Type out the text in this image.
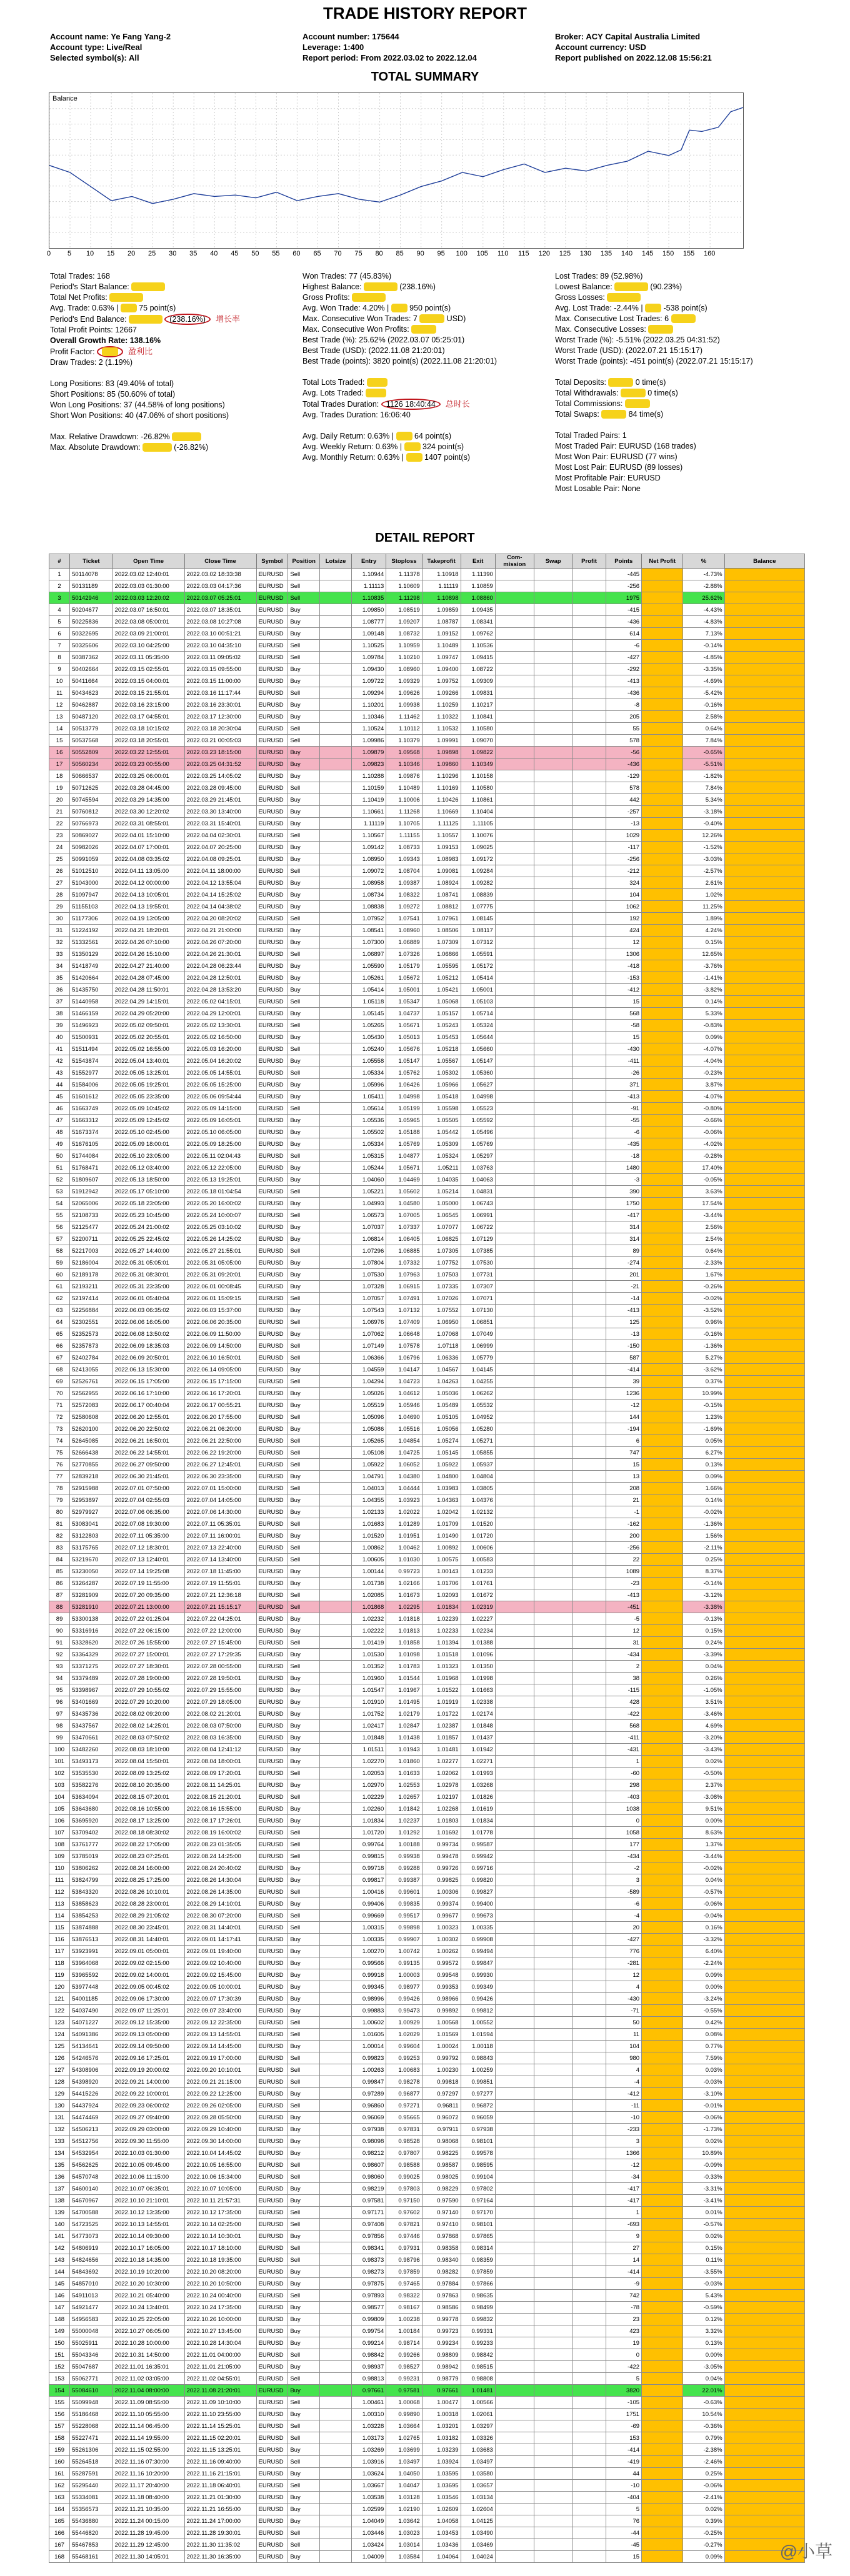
TRADE HISTORY REPORT
Account name: Ye Fang Yang-2
Account type: Live/Real
Selected symbol(s): All
Account number: 175644
Leverage: 1:400
Report period: From 2022.03.02 to 2022.12.04
Broker: ACY Capital Australia Limited
Account currency: USD
Report published on 2022.12.08 15:56:21
TOTAL SUMMARY
Balance
0 5 10 15 20 25 30 35 40 45 50 55 60 65 70 75 80 85 90 95 100 105 110 115 120 125 130 135 140 145 150 155 160
Total Trades: 168
Period's Start Balance: 000000
Total Net Profits: 000000
Avg. Trade: 0.63% | 00 75 point(s)
Period's End Balance: 000000 (238.16%) 增长率
Total Profit Points: 12667
Overall Growth Rate: 138.16%
Profit Factor: 00 盈利比
Draw Trades: 2 (1.19%)

Long Positions: 83 (49.40% of total)
Short Positions: 85 (50.60% of total)
Won Long Positions: 37 (44.58% of long positions)
Short Won Positions: 40 (47.06% of short positions)

Max. Relative Drawdown: -26.82% 00000
Max. Absolute Drawdown: 00000 (-26.82%)
Won Trades: 77 (45.83%)
Highest Balance: 000000 (238.16%)
Gross Profits: 000000
Avg. Won Trade: 4.20% | 00 950 point(s)
Max. Consecutive Won Trades: 7 0000 USD)
Max. Consecutive Won Profits: 0000
Best Trade (%): 25.62% (2022.03.07 05:25:01)
Best Trade (USD): (2022.11.08 21:20:01)
Best Trade (points): 3820 point(s) (2022.11.08 21:20:01)

Total Lots Traded: 000
Avg. Lots Traded: 000
Total Trades Duration: 1126 18:40:44 总时长
Avg. Trades Duration: 16:06:40

Avg. Daily Return: 0.63% | 00 64 point(s)
Avg. Weekly Return: 0.63% | 00 324 point(s)
Avg. Monthly Return: 0.63% | 00 1407 point(s)
Lost Trades: 89 (52.98%)
Lowest Balance: 000000 (90.23%)
Gross Losses: 000000
Avg. Lost Trade: -2.44% | 00 -538 point(s)
Max. Consecutive Lost Trades: 6 0000
Max. Consecutive Losses: 0000
Worst Trade (%): -5.51% (2022.03.25 04:31:52)
Worst Trade (USD): (2022.07.21 15:15:17)
Worst Trade (points): -451 point(s) (2022.07.21 15:15:17)

Total Deposits: 0000 0 time(s)
Total Withdrawals: 0000 0 time(s)
Total Commissions: 0000
Total Swaps: 0000 84 time(s)

Total Traded Pairs: 1
Most Traded Pair: EURUSD (168 trades)
Most Won Pair: EURUSD (77 wins)
Most Lost Pair: EURUSD (89 losses)
Most Profitable Pair: EURUSD
Most Losable Pair: None
DETAIL REPORT
#	Ticket	Open Time	Close Time	Symbol	Position	Lotsize	Entry	Stoploss	Takeprofit	Exit	Com-mission	Swap	Profit	Points	Net Profit	%	Balance
1	50114078	2022.03.02 12:40:01	2022.03.02 18:33:38	EURUSD	Sell		1.10944	1.11378	1.10918	1.11390				-445		-4.73%	
2	50131189	2022.03.03 01:30:00	2022.03.03 04:17:36	EURUSD	Sell		1.11113	1.10609	1.11119	1.10859				-256		-2.88%	
3	50142946	2022.03.03 12:20:02	2022.03.07 05:25:01	EURUSD	Sell		1.10835	1.11298	1.10898	1.08860				1975		25.62%	
4	50204677	2022.03.07 16:50:01	2022.03.07 18:35:01	EURUSD	Buy		1.09850	1.08519	1.09859	1.09435				-415		-4.43%	
5	50225836	2022.03.08 05:00:01	2022.03.08 10:27:08	EURUSD	Buy		1.08777	1.09207	1.08787	1.08341				-436		-4.83%	
6	50322695	2022.03.09 21:00:01	2022.03.10 00:51:21	EURUSD	Buy		1.09148	1.08732	1.09152	1.09762				614		7.13%	
7	50325606	2022.03.10 04:25:00	2022.03.10 04:35:10	EURUSD	Sell		1.10525	1.10959	1.10489	1.10536				-6		-0.14%	
8	50387362	2022.03.11 05:35:00	2022.03.11 09:05:02	EURUSD	Sell		1.09784	1.10210	1.09747	1.09415				-427		-4.85%	
9	50402664	2022.03.15 02:55:01	2022.03.15 09:55:00	EURUSD	Buy		1.09430	1.08960	1.09400	1.08722				-292		-3.35%	
10	50411664	2022.03.15 04:00:01	2022.03.15 11:00:00	EURUSD	Buy		1.09722	1.09329	1.09752	1.09309				-413		-4.69%	
11	50434623	2022.03.15 21:55:01	2022.03.16 11:17:44	EURUSD	Sell		1.09294	1.09626	1.09266	1.09831				-436		-5.42%	
12	50462887	2022.03.16 23:15:00	2022.03.16 23:30:01	EURUSD	Buy		1.10201	1.09938	1.10259	1.10217				-8		-0.16%	
13	50487120	2022.03.17 04:55:01	2022.03.17 12:30:00	EURUSD	Buy		1.10346	1.11462	1.10322	1.10841				205		2.58%	
14	50513779	2022.03.18 10:15:02	2022.03.18 20:30:04	EURUSD	Sell		1.10524	1.10112	1.10532	1.10580				55		0.64%	
15	50537568	2022.03.18 20:55:01	2022.03.21 00:05:03	EURUSD	Sell		1.09986	1.10379	1.09991	1.09070				578		7.84%	
16	50552809	2022.03.22 12:55:01	2022.03.23 18:15:00	EURUSD	Buy		1.09879	1.09568	1.09898	1.09822				-56		-0.65%	
17	50560234	2022.03.23 00:55:00	2022.03.25 04:31:52	EURUSD	Buy		1.09823	1.10346	1.09860	1.10349				-436		-5.51%	
18	50666537	2022.03.25 06:00:01	2022.03.25 14:05:02	EURUSD	Buy		1.10288	1.09876	1.10296	1.10158				-129		-1.82%	
19	50712625	2022.03.28 04:45:00	2022.03.28 09:45:00	EURUSD	Sell		1.10159	1.10489	1.10169	1.10580				578		7.84%	
20	50745594	2022.03.29 14:35:00	2022.03.29 21:45:01	EURUSD	Buy		1.10419	1.10006	1.10426	1.10861				442		5.34%	
21	50760812	2022.03.30 12:20:02	2022.03.30 13:40:00	EURUSD	Buy		1.10661	1.11268	1.10669	1.10404				-257		-3.18%	
22	50766973	2022.03.31 08:55:01	2022.03.31 15:40:01	EURUSD	Buy		1.11119	1.10705	1.11125	1.11105				-13		-0.40%	
23	50869027	2022.04.01 15:10:00	2022.04.04 02:30:01	EURUSD	Sell		1.10567	1.11155	1.10557	1.10076				1029		12.26%	
24	50982026	2022.04.07 17:00:01	2022.04.07 20:25:00	EURUSD	Buy		1.09142	1.08733	1.09153	1.09025				-117		-1.52%	
25	50991059	2022.04.08 03:35:02	2022.04.08 09:25:01	EURUSD	Buy		1.08950	1.09343	1.08983	1.09172				-256		-3.03%	
26	51012510	2022.04.11 13:05:00	2022.04.11 18:00:00	EURUSD	Sell		1.09072	1.08704	1.09081	1.09284				-212		-2.57%	
27	51043000	2022.04.12 00:00:00	2022.04.12 13:55:04	EURUSD	Buy		1.08958	1.09387	1.08924	1.09282				324		2.61%	
28	51097947	2022.04.13 10:05:01	2022.04.14 15:25:02	EURUSD	Buy		1.08734	1.08322	1.08741	1.08839				104		1.02%	
29	51155103	2022.04.13 19:55:01	2022.04.14 04:38:02	EURUSD	Buy		1.08838	1.09272	1.08812	1.07775				1062		11.25%	
30	51177306	2022.04.19 13:05:00	2022.04.20 08:20:02	EURUSD	Sell		1.07952	1.07541	1.07961	1.08145				192		1.89%	
31	51224192	2022.04.21 18:20:01	2022.04.21 21:00:00	EURUSD	Buy		1.08541	1.08960	1.08506	1.08117				424		4.24%	
32	51332561	2022.04.26 07:10:00	2022.04.26 07:20:00	EURUSD	Buy		1.07300	1.06889	1.07309	1.07312				12		0.15%	
33	51350129	2022.04.26 15:10:00	2022.04.26 21:30:01	EURUSD	Sell		1.06897	1.07326	1.06866	1.05591				1306		12.65%	
34	51418749	2022.04.27 21:40:00	2022.04.28 06:23:44	EURUSD	Buy		1.05590	1.05179	1.05595	1.05172				-418		-3.76%	
35	51420664	2022.04.28 07:45:00	2022.04.28 12:50:01	EURUSD	Buy		1.05261	1.05672	1.05212	1.05414				-153		-1.41%	
36	51435750	2022.04.28 11:50:01	2022.04.28 13:53:20	EURUSD	Buy		1.05414	1.05001	1.05421	1.05001				-412		-3.82%	
37	51440958	2022.04.29 14:15:01	2022.05.02 04:15:01	EURUSD	Sell		1.05118	1.05347	1.05068	1.05103				15		0.14%	
38	51466159	2022.04.29 05:20:00	2022.04.29 12:00:01	EURUSD	Buy		1.05145	1.04737	1.05157	1.05714				568		5.33%	
39	51496923	2022.05.02 09:50:01	2022.05.02 13:30:01	EURUSD	Sell		1.05265	1.05671	1.05243	1.05324				-58		-0.83%	
40	51500931	2022.05.02 20:55:01	2022.05.02 16:50:00	EURUSD	Buy		1.05430	1.05013	1.05453	1.05644				15		0.09%	
41	51511494	2022.05.02 16:55:00	2022.05.03 16:20:00	EURUSD	Sell		1.05240	1.05676	1.05218	1.05660				-430		-4.07%	
42	51543874	2022.05.04 13:40:01	2022.05.04 16:20:02	EURUSD	Buy		1.05558	1.05147	1.05567	1.05147				-411		-4.04%	
43	51552977	2022.05.05 13:25:01	2022.05.05 14:55:01	EURUSD	Sell		1.05334	1.05762	1.05302	1.05360				-26		-0.23%	
44	51584006	2022.05.05 19:25:01	2022.05.05 15:25:00	EURUSD	Buy		1.05996	1.06426	1.05966	1.05627				371		3.87%	
45	51601612	2022.05.05 23:35:00	2022.05.06 09:54:44	EURUSD	Buy		1.05411	1.04998	1.05418	1.04998				-413		-4.07%	
46	51663749	2022.05.09 10:45:02	2022.05.09 14:15:00	EURUSD	Sell		1.05614	1.05199	1.05598	1.05523				-91		-0.80%	
47	51663312	2022.05.09 12:45:02	2022.05.09 16:05:01	EURUSD	Buy		1.05536	1.05965	1.05505	1.05592				-55		-0.66%	
48	51673374	2022.05.10 02:45:00	2022.05.10 06:05:00	EURUSD	Buy		1.05502	1.05188	1.05442	1.05496				-6		-0.06%	
49	51676105	2022.05.09 18:00:01	2022.05.09 18:25:00	EURUSD	Buy		1.05334	1.05769	1.05309	1.05769				-435		-4.02%	
50	51744084	2022.05.10 23:05:00	2022.05.11 02:04:43	EURUSD	Sell		1.05315	1.04877	1.05324	1.05297				-18		-0.28%	
51	51768471	2022.05.12 03:40:00	2022.05.12 22:05:00	EURUSD	Buy		1.05244	1.05671	1.05211	1.03763				1480		17.40%	
52	51809607	2022.05.13 18:50:00	2022.05.13 19:25:01	EURUSD	Buy		1.04060	1.04469	1.04035	1.04063				-3		-0.05%	
53	51912942	2022.05.17 05:10:00	2022.05.18 01:04:54	EURUSD	Sell		1.05221	1.05602	1.05214	1.04831				390		3.63%	
54	52065006	2022.05.18 23:05:00	2022.05.20 16:00:02	EURUSD	Buy		1.04993	1.04580	1.05000	1.06743				1750		17.54%	
55	52108733	2022.05.23 10:45:00	2022.05.24 10:00:07	EURUSD	Sell		1.06573	1.07005	1.06545	1.06991				-417		-3.44%	
56	52125477	2022.05.24 21:00:02	2022.05.25 03:10:02	EURUSD	Buy		1.07037	1.07337	1.07077	1.06722				314		2.56%	
57	52200711	2022.05.25 22:45:02	2022.05.26 14:25:02	EURUSD	Buy		1.06814	1.06405	1.06825	1.07129				314		2.54%	
58	52217003	2022.05.27 14:40:00	2022.05.27 21:55:01	EURUSD	Sell		1.07296	1.06885	1.07305	1.07385				89		0.64%	
59	52186004	2022.05.31 05:05:01	2022.05.31 05:05:00	EURUSD	Buy		1.07804	1.07332	1.07752	1.07530				-274		-2.33%	
60	52189178	2022.05.31 08:30:01	2022.05.31 09:20:01	EURUSD	Buy		1.07530	1.07963	1.07503	1.07731				201		1.67%	
61	52193211	2022.05.31 23:35:00	2022.06.01 00:08:45	EURUSD	Buy		1.07328	1.06915	1.07335	1.07307				-21		-0.26%	
62	52197414	2022.06.01 05:40:04	2022.06.01 15:09:15	EURUSD	Sell		1.07057	1.07491	1.07026	1.07071				-14		-0.02%	
63	52256884	2022.06.03 06:35:02	2022.06.03 15:37:00	EURUSD	Buy		1.07543	1.07132	1.07552	1.07130				-413		-3.52%	
64	52302551	2022.06.06 16:05:00	2022.06.06 20:35:00	EURUSD	Sell		1.06976	1.07409	1.06950	1.06851				125		0.96%	
65	52352573	2022.06.08 13:50:02	2022.06.09 11:50:00	EURUSD	Buy		1.07062	1.06648	1.07068	1.07049				-13		-0.16%	
66	52357873	2022.06.09 18:35:03	2022.06.09 14:50:00	EURUSD	Sell		1.07149	1.07578	1.07118	1.06999				-150		-1.36%	
67	52402784	2022.06.09 20:50:01	2022.06.10 16:50:01	EURUSD	Sell		1.06366	1.06796	1.06336	1.05779				587		5.27%	
68	52413055	2022.06.13 15:30:00	2022.06.14 09:05:00	EURUSD	Buy		1.04559	1.04147	1.04567	1.04145				-414		-3.62%	
69	52526761	2022.06.15 17:05:00	2022.06.15 17:15:00	EURUSD	Sell		1.04294	1.04723	1.04263	1.04255				39		0.37%	
70	52562955	2022.06.16 17:10:00	2022.06.16 17:20:01	EURUSD	Buy		1.05026	1.04612	1.05036	1.06262				1236		10.99%	
71	52572083	2022.06.17 00:40:04	2022.06.17 00:55:21	EURUSD	Buy		1.05519	1.05946	1.05489	1.05532				-12		-0.15%	
72	52580608	2022.06.20 12:55:01	2022.06.20 17:55:00	EURUSD	Sell		1.05096	1.04690	1.05105	1.04952				144		1.23%	
73	52620100	2022.06.20 22:50:02	2022.06.21 06:20:00	EURUSD	Buy		1.05086	1.05516	1.05056	1.05280				-194		-1.69%	
74	52645085	2022.06.21 16:50:01	2022.06.21 22:50:00	EURUSD	Sell		1.05265	1.04854	1.05274	1.05271				6		0.05%	
75	52666438	2022.06.22 14:55:01	2022.06.22 19:20:00	EURUSD	Sell		1.05108	1.04725	1.05145	1.05855				747		6.27%	
76	52770855	2022.06.27 09:50:00	2022.06.27 12:45:01	EURUSD	Sell		1.05922	1.06052	1.05922	1.05937				15		0.13%	
77	52839218	2022.06.30 21:45:01	2022.06.30 23:35:00	EURUSD	Buy		1.04791	1.04380	1.04800	1.04804				13		0.09%	
78	52915988	2022.07.01 07:50:00	2022.07.01 15:00:00	EURUSD	Sell		1.04013	1.04444	1.03983	1.03805				208		1.66%	
79	52953897	2022.07.04 02:55:03	2022.07.04 14:05:00	EURUSD	Buy		1.04355	1.03923	1.04363	1.04376				21		0.14%	
80	52979927	2022.07.06 06:35:00	2022.07.06 14:30:00	EURUSD	Buy		1.02133	1.02022	1.02042	1.02132				-1		-0.02%	
81	53083041	2022.07.08 19:30:00	2022.07.11 05:35:01	EURUSD	Sell		1.01683	1.01289	1.01709	1.01520				-162		-1.36%	
82	53122803	2022.07.11 05:35:00	2022.07.11 16:00:01	EURUSD	Buy		1.01520	1.01951	1.01490	1.01720				200		1.56%	
83	53175765	2022.07.12 18:30:01	2022.07.13 22:40:00	EURUSD	Sell		1.00862	1.00462	1.00892	1.00606				-256		-2.11%	
84	53219670	2022.07.13 12:40:01	2022.07.14 13:40:00	EURUSD	Sell		1.00605	1.01030	1.00575	1.00583				22		0.25%	
85	53230050	2022.07.14 19:25:08	2022.07.18 11:45:00	EURUSD	Buy		1.00144	0.99723	1.00143	1.01233				1089		8.37%	
86	53264287	2022.07.19 11:55:00	2022.07.19 11:55:01	EURUSD	Buy		1.01738	1.02166	1.01706	1.01761				-23		-0.14%	
87	53281909	2022.07.20 09:35:00	2022.07.21 12:36:18	EURUSD	Sell		1.02085	1.01673	1.02093	1.01672				-413		-3.12%	
88	53281910	2022.07.21 13:00:00	2022.07.21 15:15:17	EURUSD	Sell		1.01868	1.02295	1.01834	1.02319				-451		-3.38%	
89	53300138	2022.07.22 01:25:04	2022.07.22 04:25:01	EURUSD	Buy		1.02232	1.01818	1.02239	1.02227				-5		-0.13%	
90	53316916	2022.07.22 06:15:00	2022.07.22 12:00:00	EURUSD	Buy		1.02222	1.01813	1.02233	1.02234				12		0.15%	
91	53328620	2022.07.26 15:55:00	2022.07.27 15:45:00	EURUSD	Sell		1.01419	1.01858	1.01394	1.01388				31		0.24%	
92	53364329	2022.07.27 15:00:01	2022.07.27 17:29:35	EURUSD	Buy		1.01530	1.01098	1.01518	1.01096				-434		-3.39%	
93	53371275	2022.07.27 18:30:01	2022.07.28 00:55:00	EURUSD	Sell		1.01352	1.01783	1.01323	1.01350				2		0.04%	
94	53379489	2022.07.28 19:00:00	2022.07.28 19:50:01	EURUSD	Buy		1.01960	1.01544	1.01968	1.01998				38		0.26%	
95	53398967	2022.07.29 10:55:02	2022.07.29 15:55:00	EURUSD	Buy		1.01547	1.01967	1.01522	1.01663				-115		-1.05%	
96	53401669	2022.07.29 10:20:00	2022.07.29 18:05:00	EURUSD	Buy		1.01910	1.01495	1.01919	1.02338				428		3.51%	
97	53435736	2022.08.02 09:20:00	2022.08.02 21:20:01	EURUSD	Buy		1.01752	1.02179	1.01722	1.02174				-422		-3.46%	
98	53437567	2022.08.02 14:25:01	2022.08.03 07:50:00	EURUSD	Buy		1.02417	1.02847	1.02387	1.01848				568		4.69%	
99	53470661	2022.08.03 07:50:02	2022.08.03 16:35:00	EURUSD	Buy		1.01848	1.01438	1.01857	1.01437				-411		-3.20%	
100	53482260	2022.08.03 18:10:00	2022.08.04 12:41:12	EURUSD	Buy		1.01511	1.01943	1.01481	1.01942				-431		-3.43%	
101	53493173	2022.08.04 15:50:01	2022.08.04 18:00:01	EURUSD	Buy		1.02270	1.01860	1.02277	1.02271				1		0.02%	
102	53535530	2022.08.09 13:25:02	2022.08.09 17:20:01	EURUSD	Sell		1.02053	1.01633	1.02062	1.01993				-60		-0.50%	
103	53582276	2022.08.10 20:35:00	2022.08.11 14:25:01	EURUSD	Buy		1.02970	1.02553	1.02978	1.03268				298		2.37%	
104	53634094	2022.08.15 07:20:01	2022.08.15 21:20:01	EURUSD	Sell		1.02229	1.02657	1.02197	1.01826				-403		-3.08%	
105	53643680	2022.08.16 10:55:00	2022.08.16 15:55:00	EURUSD	Buy		1.02260	1.01842	1.02268	1.01619				1038		9.51%	
106	53695920	2022.08.17 13:25:00	2022.08.17 17:26:01	EURUSD	Buy		1.01834	1.02237	1.01803	1.01834				0		0.00%	
107	53709402	2022.08.18 08:30:02	2022.08.19 16:00:02	EURUSD	Sell		1.01720	1.01292	1.01692	1.01778				1058		8.63%	
108	53761777	2022.08.22 17:05:00	2022.08.23 01:35:05	EURUSD	Sell		0.99764	1.00188	0.99734	0.99587				177		1.37%	
109	53785019	2022.08.23 07:25:01	2022.08.24 14:25:00	EURUSD	Sell		0.99815	0.99938	0.99478	0.99942				-434		-3.44%	
110	53806262	2022.08.24 16:00:00	2022.08.24 20:40:02	EURUSD	Buy		0.99718	0.99288	0.99726	0.99716				-2		-0.02%	
111	53824799	2022.08.25 17:25:00	2022.08.26 14:30:04	EURUSD	Buy		0.99817	0.99387	0.99825	0.99820				3		0.04%	
112	53843320	2022.08.26 10:10:01	2022.08.26 14:35:00	EURUSD	Sell		1.00416	0.99601	1.00306	0.99827				-589		-0.57%	
113	53858623	2022.08.28 23:00:01	2022.08.29 14:10:01	EURUSD	Buy		0.99406	0.99835	0.99374	0.99400				-6		-0.06%	
114	53854253	2022.08.29 21:05:02	2022.08.30 07:20:00	EURUSD	Sell		0.99669	0.99517	0.99677	0.99673				-4		-0.04%	
115	53874888	2022.08.30 23:45:01	2022.08.31 14:40:01	EURUSD	Sell		1.00315	0.99898	1.00323	1.00335				20		0.16%	
116	53876513	2022.08.31 14:40:01	2022.09.01 14:17:41	EURUSD	Buy		1.00335	0.99907	1.00302	0.99908				-427		-3.32%	
117	53923991	2022.09.01 05:00:01	2022.09.01 19:40:00	EURUSD	Buy		1.00270	1.00742	1.00262	0.99494				776		6.40%	
118	53964068	2022.09.02 02:15:00	2022.09.02 10:40:00	EURUSD	Buy		0.99566	0.99135	0.99572	0.99847				-281		-2.24%	
119	53965592	2022.09.02 14:00:01	2022.09.02 15:45:00	EURUSD	Buy		0.99918	1.00003	0.99548	0.99930				12		0.09%	
120	53977448	2022.09.05 00:45:02	2022.09.05 10:00:01	EURUSD	Buy		0.99345	0.98977	0.99353	0.99349				4		0.00%	
121	54001185	2022.09.06 17:30:00	2022.09.07 17:30:39	EURUSD	Buy		0.98996	0.99426	0.98966	0.99426				-430		-3.24%	
122	54037490	2022.09.07 11:25:01	2022.09.07 23:40:00	EURUSD	Buy		0.99883	0.99473	0.99892	0.99812				-71		-0.55%	
123	54071227	2022.09.12 15:35:00	2022.09.12 22:35:00	EURUSD	Sell		1.00602	1.00929	1.00568	1.00552				50		0.42%	
124	54091386	2022.09.13 05:00:00	2022.09.13 14:55:01	EURUSD	Sell		1.01605	1.02029	1.01569	1.01594				11		0.08%	
125	54134641	2022.09.14 09:50:00	2022.09.14 14:45:00	EURUSD	Buy		1.00014	0.99604	1.00024	1.00118				104		0.77%	
126	54246576	2022.09.16 17:25:01	2022.09.19 17:00:00	EURUSD	Sell		0.99823	0.99253	0.99792	0.98843				980		7.59%	
127	54308906	2022.09.19 20:00:02	2022.09.20 10:10:01	EURUSD	Sell		1.00263	1.00683	1.00230	1.00259				4		0.03%	
128	54398920	2022.09.21 14:00:00	2022.09.21 21:15:00	EURUSD	Sell		0.99847	0.98278	0.99818	0.99851				-4		-0.03%	
129	54415226	2022.09.22 10:00:01	2022.09.22 12:25:00	EURUSD	Buy		0.97289	0.96877	0.97297	0.97277				-412		-3.10%	
130	54437924	2022.09.23 06:00:02	2022.09.26 02:05:00	EURUSD	Sell		0.96860	0.97271	0.96811	0.96872				-11		-0.01%	
131	54474469	2022.09.27 09:40:00	2022.09.28 05:50:00	EURUSD	Buy		0.96069	0.95665	0.96072	0.96059				-10		-0.06%	
132	54506213	2022.09.29 03:00:00	2022.09.29 10:40:00	EURUSD	Buy		0.97938	0.97831	0.97911	0.97938				-233		-1.73%	
133	54512756	2022.09.30 11:55:00	2022.09.30 14:00:00	EURUSD	Buy		0.98098	0.98528	0.98068	0.98101				3		0.02%	
134	54532954	2022.10.03 01:30:00	2022.10.04 14:45:02	EURUSD	Buy		0.98212	0.97807	0.98225	0.99578				1366		10.89%	
135	54562625	2022.10.05 09:45:00	2022.10.05 16:55:00	EURUSD	Sell		0.98607	0.98588	0.98587	0.98595				-12		-0.09%	
136	54570748	2022.10.06 11:15:00	2022.10.06 15:34:00	EURUSD	Sell		0.98060	0.99025	0.98025	0.99104				-34		-0.33%	
137	54600140	2022.10.07 06:35:01	2022.10.07 10:05:00	EURUSD	Buy		0.98219	0.97803	0.98229	0.97802				-417		-3.31%	
138	54670967	2022.10.10 21:10:01	2022.10.11 21:57:31	EURUSD	Buy		0.97581	0.97150	0.97590	0.97164				-417		-3.41%	
139	54700588	2022.10.12 13:35:00	2022.10.12 17:35:00	EURUSD	Sell		0.97171	0.97602	0.97140	0.97170				1		0.01%	
140	54723525	2022.10.13 14:55:01	2022.10.14 02:25:00	EURUSD	Sell		0.97408	0.97821	0.97410	0.98101				-693		-0.57%	
141	54773073	2022.10.14 09:30:00	2022.10.14 10:30:01	EURUSD	Buy		0.97856	0.97446	0.97868	0.97865				9		0.02%	
142	54806919	2022.10.17 16:05:00	2022.10.17 18:10:00	EURUSD	Sell		0.98341	0.97931	0.98358	0.98314				27		0.15%	
143	54824656	2022.10.18 14:35:00	2022.10.18 19:35:00	EURUSD	Sell		0.98373	0.98796	0.98340	0.98359				14		0.11%	
144	54843692	2022.10.19 10:20:00	2022.10.20 08:20:00	EURUSD	Buy		0.98273	0.97859	0.98282	0.97859				-414		-3.55%	
145	54857010	2022.10.20 10:30:00	2022.10.20 10:50:00	EURUSD	Buy		0.97875	0.97465	0.97884	0.97866				-9		-0.03%	
146	54911013	2022.10.21 05:40:00	2022.10.24 00:40:00	EURUSD	Sell		0.97893	0.98322	0.97863	0.98635				742		5.43%	
147	54921477	2022.10.24 13:40:01	2022.10.24 17:35:00	EURUSD	Buy		0.98577	0.98167	0.98586	0.98499				-78		-0.59%	
148	54956583	2022.10.25 22:05:00	2022.10.26 10:00:00	EURUSD	Buy		0.99809	1.00238	0.99778	0.99832				23		0.12%	
149	55000048	2022.10.27 06:05:00	2022.10.27 13:45:00	EURUSD	Buy		0.99754	1.00184	0.99723	0.99331				423		3.32%	
150	55025911	2022.10.28 10:00:00	2022.10.28 14:30:04	EURUSD	Buy		0.99214	0.98714	0.99234	0.99233				19		0.13%	
151	55043346	2022.10.31 14:50:00	2022.11.01 04:00:00	EURUSD	Sell		0.98842	0.99266	0.98809	0.98842				0		0.00%	
152	55047687	2022.11.01 16:35:01	2022.11.01 21:05:00	EURUSD	Buy		0.98937	0.98527	0.98942	0.98515				-422		-3.05%	
153	55062771	2022.11.02 03:05:00	2022.11.02 04:55:01	EURUSD	Sell		0.98813	0.99231	0.98779	0.98808				5		0.04%	
154	55084610	2022.11.04 08:00:00	2022.11.08 21:20:01	EURUSD	Buy		0.97661	0.97581	0.97661	1.01481				3820		22.01%	
155	55099948	2022.11.09 08:55:00	2022.11.09 10:10:00	EURUSD	Sell		1.00461	1.00068	1.00477	1.00566				-105		-0.63%	
156	55186468	2022.11.10 05:55:00	2022.11.10 23:55:00	EURUSD	Buy		1.00310	0.99890	1.00318	1.02061				1751		10.54%	
157	55228068	2022.11.14 06:45:00	2022.11.14 15:25:01	EURUSD	Sell		1.03228	1.03664	1.03201	1.03297				-69		-0.36%	
158	55227471	2022.11.14 19:55:00	2022.11.15 02:20:01	EURUSD	Sell		1.03173	1.02765	1.03182	1.03326				153		0.79%	
159	55261306	2022.11.15 02:55:00	2022.11.15 13:25:01	EURUSD	Buy		1.03269	1.03699	1.03239	1.03683				-414		-2.38%	
160	55264518	2022.11.16 07:30:00	2022.11.16 09:40:00	EURUSD	Sell		1.03916	1.03497	1.03924	1.03497				-419		-2.46%	
161	55287591	2022.11.16 10:20:00	2022.11.16 21:15:01	EURUSD	Buy		1.03624	1.04050	1.03595	1.03580				44		0.25%	
162	55295440	2022.11.17 20:40:00	2022.11.18 06:40:01	EURUSD	Sell		1.03667	1.04047	1.03695	1.03657				-10		-0.06%	
163	55334081	2022.11.18 08:40:00	2022.11.21 01:30:00	EURUSD	Buy		1.03538	1.03128	1.03546	1.03134				-404		-2.41%	
164	55356573	2022.11.21 10:35:00	2022.11.21 16:55:00	EURUSD	Buy		1.02599	1.02190	1.02609	1.02604				5		0.02%	
165	55436880	2022.11.24 00:15:00	2022.11.24 17:00:00	EURUSD	Buy		1.04049	1.03642	1.04058	1.04125				76		0.39%	
166	55446820	2022.11.28 19:45:00	2022.11.28 19:30:01	EURUSD	Sell		1.03446	1.03023	1.03453	1.03490				-44		-0.25%	
167	55467853	2022.11.29 12:45:00	2022.11.30 11:35:02	EURUSD	Sell		1.03424	1.03014	1.03436	1.03469				-45		-0.27%	
168	55468161	2022.11.30 14:05:01	2022.11.30 16:35:00	EURUSD	Buy		1.04009	1.03584	1.04064	1.04024				15		0.09%		@小草
